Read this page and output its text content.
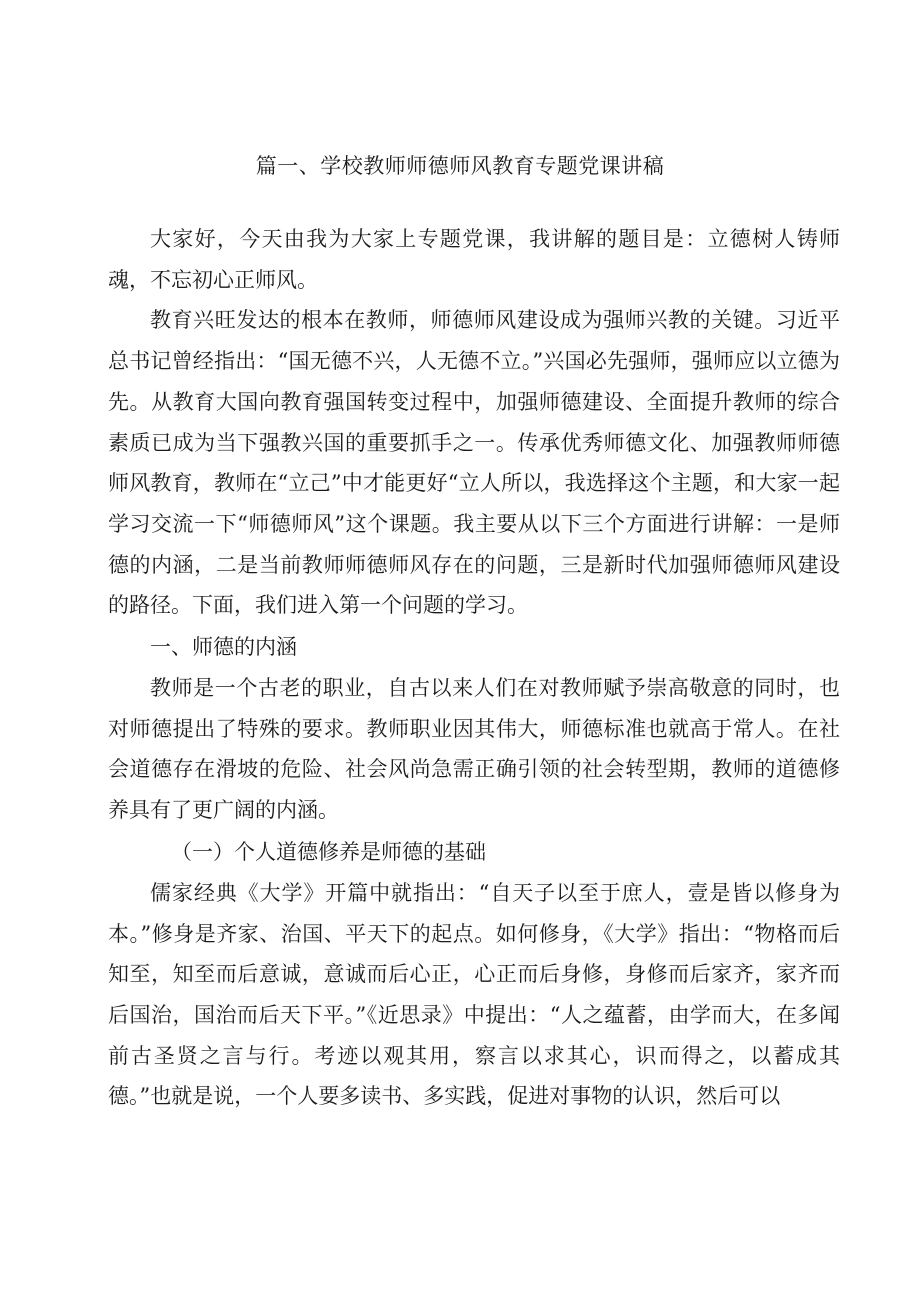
篇一、学校教师师德师风教育专题党课讲稿

大家好，今天由我为大家上专题党课，我讲解的题目是：立德树人铸师魂，不忘初心正师风。

教育兴旺发达的根本在教师，师德师风建设成为强师兴教的关键。习近平总书记曾经指出：“国无德不兴，人无德不立。”兴国必先强师，强师应以立德为先。从教育大国向教育强国转变过程中，加强师德建设、全面提升教师的综合素质已成为当下强教兴国的重要抓手之一。传承优秀师德文化、加强教师师德师风教育，教师在“立己”中才能更好“立人所以，我选择这个主题，和大家一起学习交流一下“师德师风”这个课题。我主要从以下三个方面进行讲解：一是师德的内涵，二是当前教师师德师风存在的问题，三是新时代加强师德师风建设的路径。下面，我们进入第一个问题的学习。

一、师德的内涵

教师是一个古老的职业，自古以来人们在对教师赋予崇高敬意的同时，也对师德提出了特殊的要求。教师职业因其伟大，师德标准也就高于常人。在社会道德存在滑坡的危险、社会风尚急需正确引领的社会转型期，教师的道德修养具有了更广阔的内涵。

（一）个人道德修养是师德的基础

儒家经典《大学》开篇中就指出：“自天子以至于庶人，壹是皆以修身为本。”修身是齐家、治国、平天下的起点。如何修身，《大学》指出：“物格而后知至，知至而后意诚，意诚而后心正，心正而后身修，身修而后家齐，家齐而后国治，国治而后天下平。”《近思录》中提出：“人之蕴蓄，由学而大，在多闻前古圣贤之言与行。考迹以观其用，察言以求其心，识而得之，以蓄成其德。”也就是说，一个人要多读书、多实践，促进对事物的认识，然后可以
